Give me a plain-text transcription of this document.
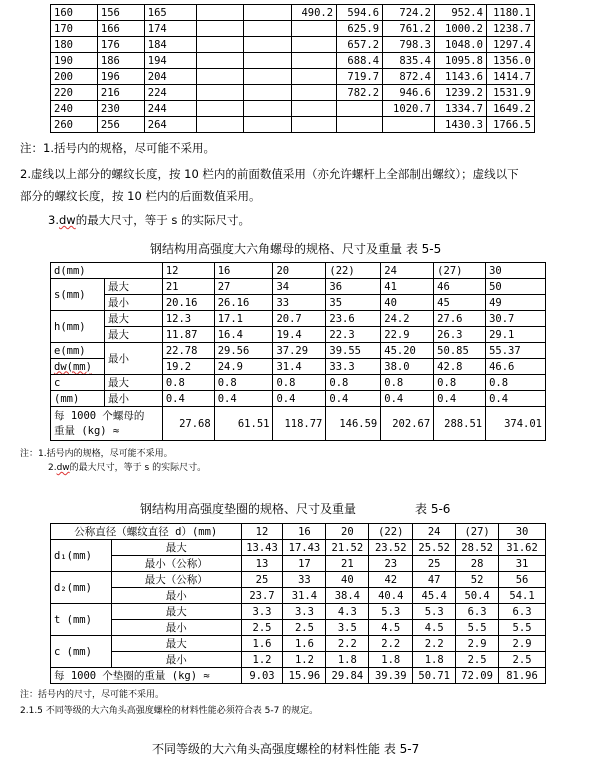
160	156	165			490.2	594.6	724.2	952.4	1180.1
170	166	174				625.9	761.2	1000.2	1238.7
180	176	184				657.2	798.3	1048.0	1297.4
190	186	194				688.4	835.4	1095.8	1356.0
200	196	204				719.7	872.4	1143.6	1414.7
220	216	224				782.2	946.6	1239.2	1531.9
240	230	244					1020.7	1334.7	1649.2
260	256	264						1430.3	1766.5
注：1.括号内的规格，尽可能不采用。
2.虚线以上部分的螺纹长度，按 10 栏内的前面数值采用（亦允许螺杆上全部制出螺纹）；虚线以下
部分的螺纹长度，按 10 栏内的后面数值采用。
3.dw的最大尺寸，等于 s 的实际尺寸。
钢结构用高强度大六角螺母的规格、尺寸及重量 表 5-5
d(mm)		12	16	20	(22)	24	(27)	30
s(mm)	最大	21	27	34	36	41	46	50
	最小	20.16	26.16	33	35	40	45	49
h(mm)	最大	12.3	17.1	20.7	23.6	24.2	27.6	30.7
	最大	11.87	16.4	19.4	22.3	22.9	26.3	29.1
e(mm)	最小	22.78	29.56	37.29	39.55	45.20	50.85	55.37
dw(mm)		19.2	24.9	31.4	33.3	38.0	42.8	46.6
c	最大	0.8	0.8	0.8	0.8	0.8	0.8	0.8
(mm)	最小	0.4	0.4	0.4	0.4	0.4	0.4	0.4

每 1000 个螺母的
重量 (kg) ≈		27.68	61.51	118.77	146.59	202.67	288.51	374.01
注：1.括号内的规格，尽可能不采用。
2.dw的最大尺寸，等于 s 的实际尺寸。
钢结构用高强度垫圈的规格、尺寸及重量	表 5-6
公称直径（螺纹直径 d）(mm)		12	16	20	(22)	24	(27)	30
d₁(mm)	最大	13.43	17.43	21.52	23.52	25.52	28.52	31.62
	最小（公称）	13	17	21	23	25	28	31
d₂(mm)	最大（公称）	25	33	40	42	47	52	56
	最小	23.7	31.4	38.4	40.4	45.4	50.4	54.1
t (mm)	最大	3.3	3.3	4.3	5.3	5.3	6.3	6.3
	最小	2.5	2.5	3.5	4.5	4.5	5.5	5.5
c (mm)	最大	1.6	1.6	2.2	2.2	2.2	2.9	2.9
	最小	1.2	1.2	1.8	1.8	1.8	2.5	2.5
每 1000 个垫圈的重量 (kg) ≈		9.03	15.96	29.84	39.39	50.71	72.09	81.96
注：括号内的尺寸，尽可能不采用。
2.1.5 不同等级的大六角头高强度螺栓的材料性能必须符合表 5-7 的规定。
不同等级的大六角头高强度螺栓的材料性能 表 5-7
